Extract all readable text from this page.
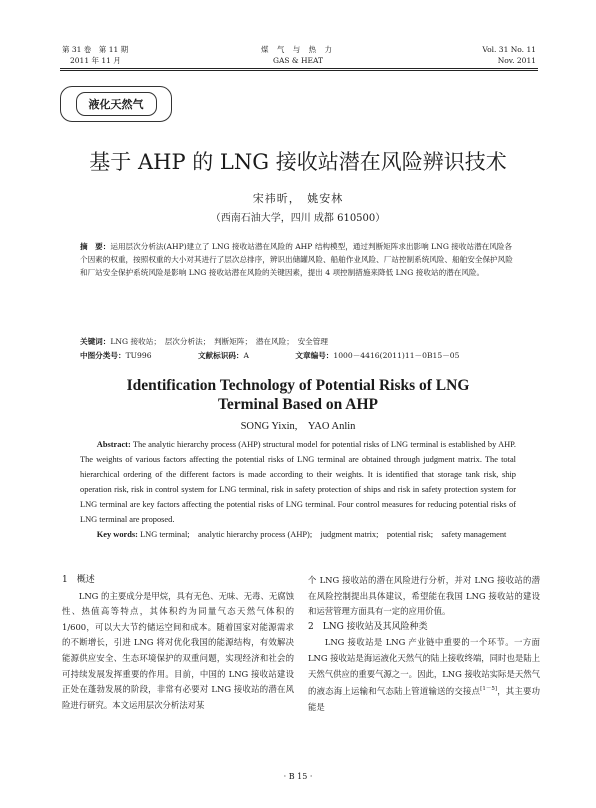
第 31 卷　第 11 期
2011 年 11 月
煤 气 与 热 力
GAS & HEAT
Vol. 31 No. 11
Nov. 2011
液化天然气
基于 AHP 的 LNG 接收站潜在风险辨识技术
宋祎昕，　姚安林
（西南石油大学，四川 成都 610500）
摘　要：运用层次分析法(AHP)建立了 LNG 接收站潜在风险的 AHP 结构模型，通过判断矩阵求出影响 LNG 接收站潜在风险各个因素的权重，按照权重的大小对其进行了层次总排序，辨识出储罐风险、船舶作业风险、厂站控制系统风险、船舶安全保护风险和厂站安全保护系统风险是影响 LNG 接收站潜在风险的关键因素，提出 4 项控制措施来降低 LNG 接收站的潜在风险。
关键词：LNG 接收站；　层次分析法；　判断矩阵；　潜在风险；　安全管理
中图分类号：TU996	文献标识码：A	文章编号：1000－4416(2011)11－0B15－05
Identification Technology of Potential Risks of LNG
Terminal Based on AHP
SONG Yixin,　YAO Anlin
Abstract: The analytic hierarchy process (AHP) structural model for potential risks of LNG terminal is established by AHP. The weights of various factors affecting the potential risks of LNG terminal are obtained through judgment matrix. The total hierarchical ordering of the different factors is made according to their weights. It is identified that storage tank risk, ship operation risk, risk in control system for LNG terminal, risk in safety protection of ships and risk in safety protection system for LNG terminal are key factors affecting the potential risks of LNG terminal. Four control measures for reducing potential risks of LNG terminal are proposed.
Key words: LNG terminal;　analytic hierarchy process (AHP);　judgment matrix;　potential risk;　safety management

1　概述

LNG 的主要成分是甲烷，具有无色、无味、无毒、无腐蚀性、热值高等特点，其体积约为同量气态天然气体积的 1/600，可以大大节约储运空间和成本。随着国家对能源需求的不断增长，引进 LNG 将对优化我国的能源结构，有效解决能源供应安全、生态环境保护的双重问题，实现经济和社会的可持续发展发挥重要的作用。目前，中国的 LNG 接收站建设正处在蓬勃发展的阶段，非常有必要对 LNG 接收站的潜在风险进行研究。本文运用层次分析法对某

个 LNG 接收站的潜在风险进行分析，并对 LNG 接收站的潜在风险控制提出具体建议，希望能在我国 LNG 接收站的建设和运营管理方面具有一定的应用价值。

2　LNG 接收站及其风险种类

LNG 接收站是 LNG 产业链中重要的一个环节。一方面 LNG 接收站是海运液化天然气的陆上接收终端，同时也是陆上天然气供应的重要气源之一。因此，LNG 接收站实际是天然气的液态海上运输和气态陆上管道输送的交接点[1－5]，其主要功能是

· B 15 ·
